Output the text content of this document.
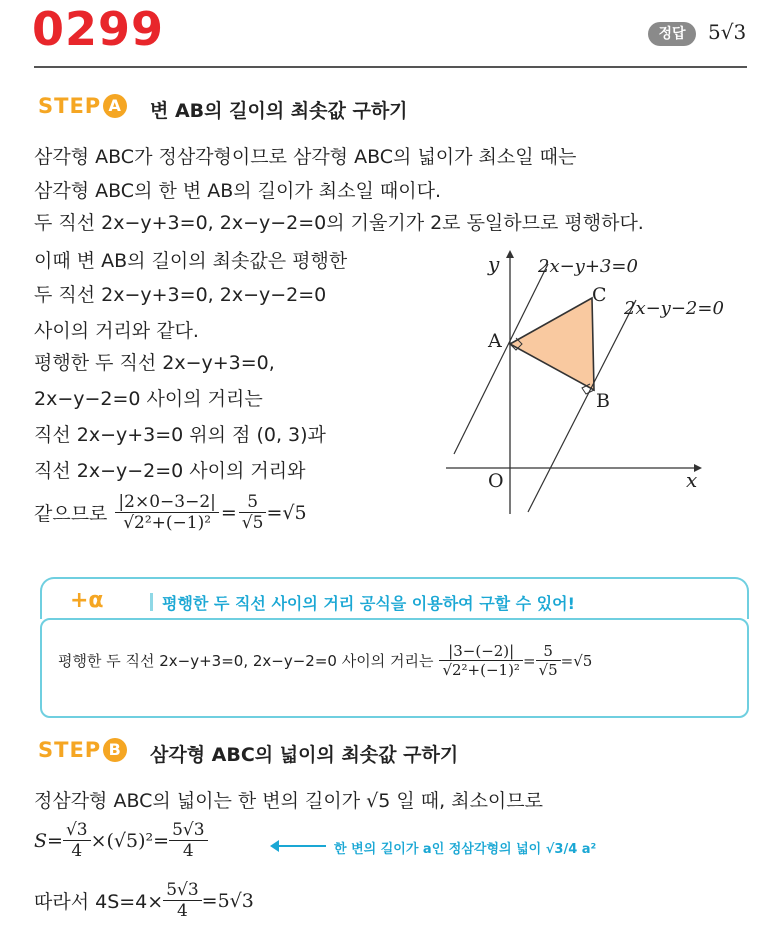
0299	정답	5√3
STEP A 변 AB의 길이의 최솟값 구하기
삼각형 ABC가 정삼각형이므로 삼각형 ABC의 넓이가 최소일 때는
삼각형 ABC의 한 변 AB의 길이가 최소일 때이다.
두 직선 2x−y+3=0, 2x−y−2=0의 기울기가 2로 동일하므로 평행하다.
이때 변 AB의 길이의 최솟값은 평행한
두 직선 2x−y+3=0, 2x−y−2=0
사이의 거리와 같다.
평행한 두 직선 2x−y+3=0,
2x−y−2=0 사이의 거리는
직선 2x−y+3=0 위의 점 (0, 3)과
직선 2x−y−2=0 사이의 거리와
같으므로 $\frac{|2\times 0-3-2|}{\text{√2²+(−1)²}} = \frac{5}{√5} =√5$
y
x
O
A
B
C
2x−y+3=0
2x−y−2=0
+α	평행한 두 직선 사이의 거리 공식을 이용하여 구할 수 있어!
평행한 두 직선 2x−y+3=0, 2x−y−2=0 사이의 거리는 $\frac{|3-(-2)|}{\text{√2²+(−1)²}} = \frac{5}{√5} =√5$
STEP B 삼각형 ABC의 넓이의 최솟값 구하기
정삼각형 ABC의 넓이는 한 변의 길이가 √5 일 때, 최소이므로
$S= \frac{√3}{4} \times(√5)^2= \frac{5√3}{4}$	한 변의 길이가 a인 정삼각형의 넓이 √3/4 a²
따라서 $4S=4\times \frac{5√3}{4} =5√3$
